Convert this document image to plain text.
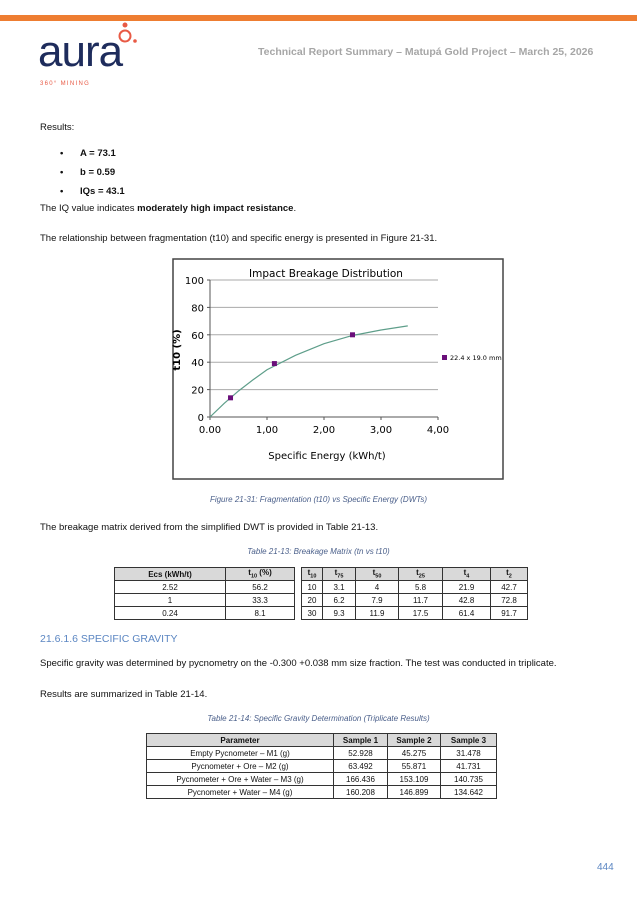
aura
360° MINING
Technical Report Summary – Matupá Gold Project – March 25, 2026
Results:
• A = 73.1
• b = 0.59
• IQs = 43.1
The IQ value indicates moderately high impact resistance.
The relationship between fragmentation (t10) and specific energy is presented in Figure 21-31.
Impact Breakage Distribution
Specific Energy (kWh/t)
t10 (%)
0
20
40
60
80
100
0.00	1,00	2,00	3,00	4,00
22.4 x 19.0 mm
Figure 21-31: Fragmentation (t10) vs Specific Energy (DWTs)
The breakage matrix derived from the simplified DWT is provided in Table 21-13.
Table 21-13: Breakage Matrix (tn vs t10)
Ecs (kWh/t)	$t_{10}$ (%)		$t_{10}$	$t_{75}$	$t_{50}$	$t_{25}$	$t_4$	$t_2$
2.52	56.2		10	3.1	4	5.8	21.9	42.7
1	33.3		20	6.2	7.9	11.7	42.8	72.8
0.24	8.1		30	9.3	11.9	17.5	61.4	91.7
21.6.1.6 SPECIFIC GRAVITY
Specific gravity was determined by pycnometry on the -0.300 +0.038 mm size fraction. The test was conducted in triplicate.
Results are summarized in Table 21-14.
Table 21-14: Specific Gravity Determination (Triplicate Results)
Parameter	Sample 1	Sample 2	Sample 3
Empty Pycnometer – M1 (g)	52.928	45.275	31.478
Pycnometer + Ore – M2 (g)	63.492	55.871	41.731
Pycnometer + Ore + Water – M3 (g)	166.436	153.109	140.735
Pycnometer + Water – M4 (g)	160.208	146.899	134.642
444
